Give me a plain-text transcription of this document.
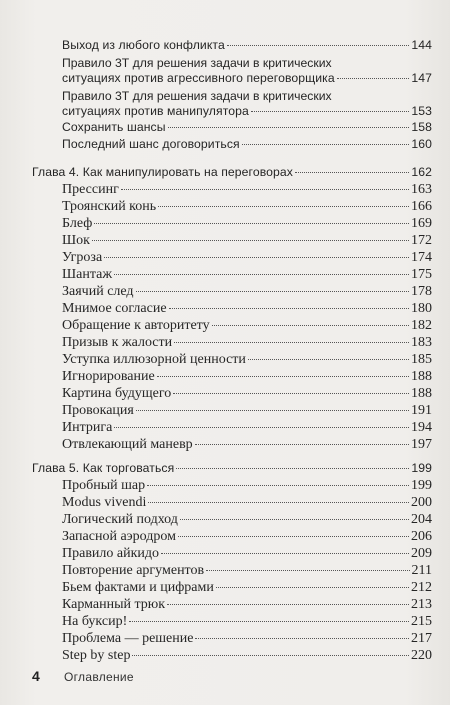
Выход из любого конфликта	144
Правило 3Т для решения задачи в критических
ситуациях против агрессивного переговорщика	147
Правило 3Т для решения задачи в критических
ситуациях против манипулятора	153
Сохранить шансы	158
Последний шанс договориться	160
Глава 4. Как манипулировать на переговорах	162
Прессинг	163
Троянский конь	166
Блеф	169
Шок	172
Угроза	174
Шантаж	175
Заячий след	178
Мнимое согласие	180
Обращение к авторитету	182
Призыв к жалости	183
Уступка иллюзорной ценности	185
Игнорирование	188
Картина будущего	188
Провокация	191
Интрига	194
Отвлекающий маневр	197
Глава 5. Как торговаться	199
Пробный шар	199
Modus vivendi	200
Логический подход	204
Запасной аэродром	206
Правило айкидо	209
Повторение аргументов	211
Бьем фактами и цифрами	212
Карманный трюк	213
На буксир!	215
Проблема — решение	217
Step by step	220
4 Оглавление
